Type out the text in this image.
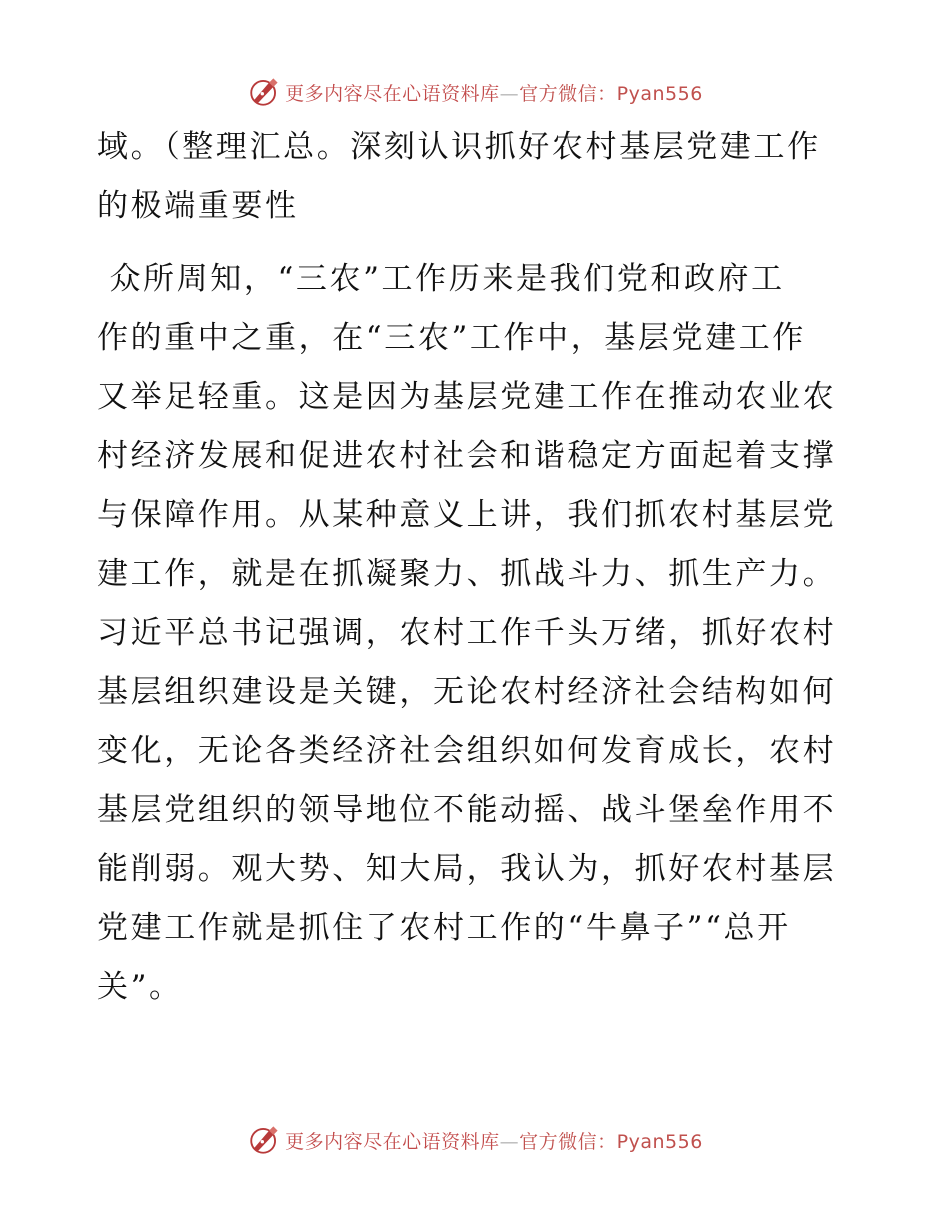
更多内容尽在心语资料库—官方微信：Pyan556
域。（整理汇总。深刻认识抓好农村基层党建工作
的极端重要性
众所周知，“三农”工作历来是我们党和政府工
作的重中之重，在“三农”工作中，基层党建工作
又举足轻重。这是因为基层党建工作在推动农业农
村经济发展和促进农村社会和谐稳定方面起着支撑
与保障作用。从某种意义上讲，我们抓农村基层党
建工作，就是在抓凝聚力、抓战斗力、抓生产力。
习近平总书记强调，农村工作千头万绪，抓好农村
基层组织建设是关键，无论农村经济社会结构如何
变化，无论各类经济社会组织如何发育成长，农村
基层党组织的领导地位不能动摇、战斗堡垒作用不
能削弱。观大势、知大局，我认为，抓好农村基层
党建工作就是抓住了农村工作的“牛鼻子”“总开
关”。
更多内容尽在心语资料库—官方微信：Pyan556
